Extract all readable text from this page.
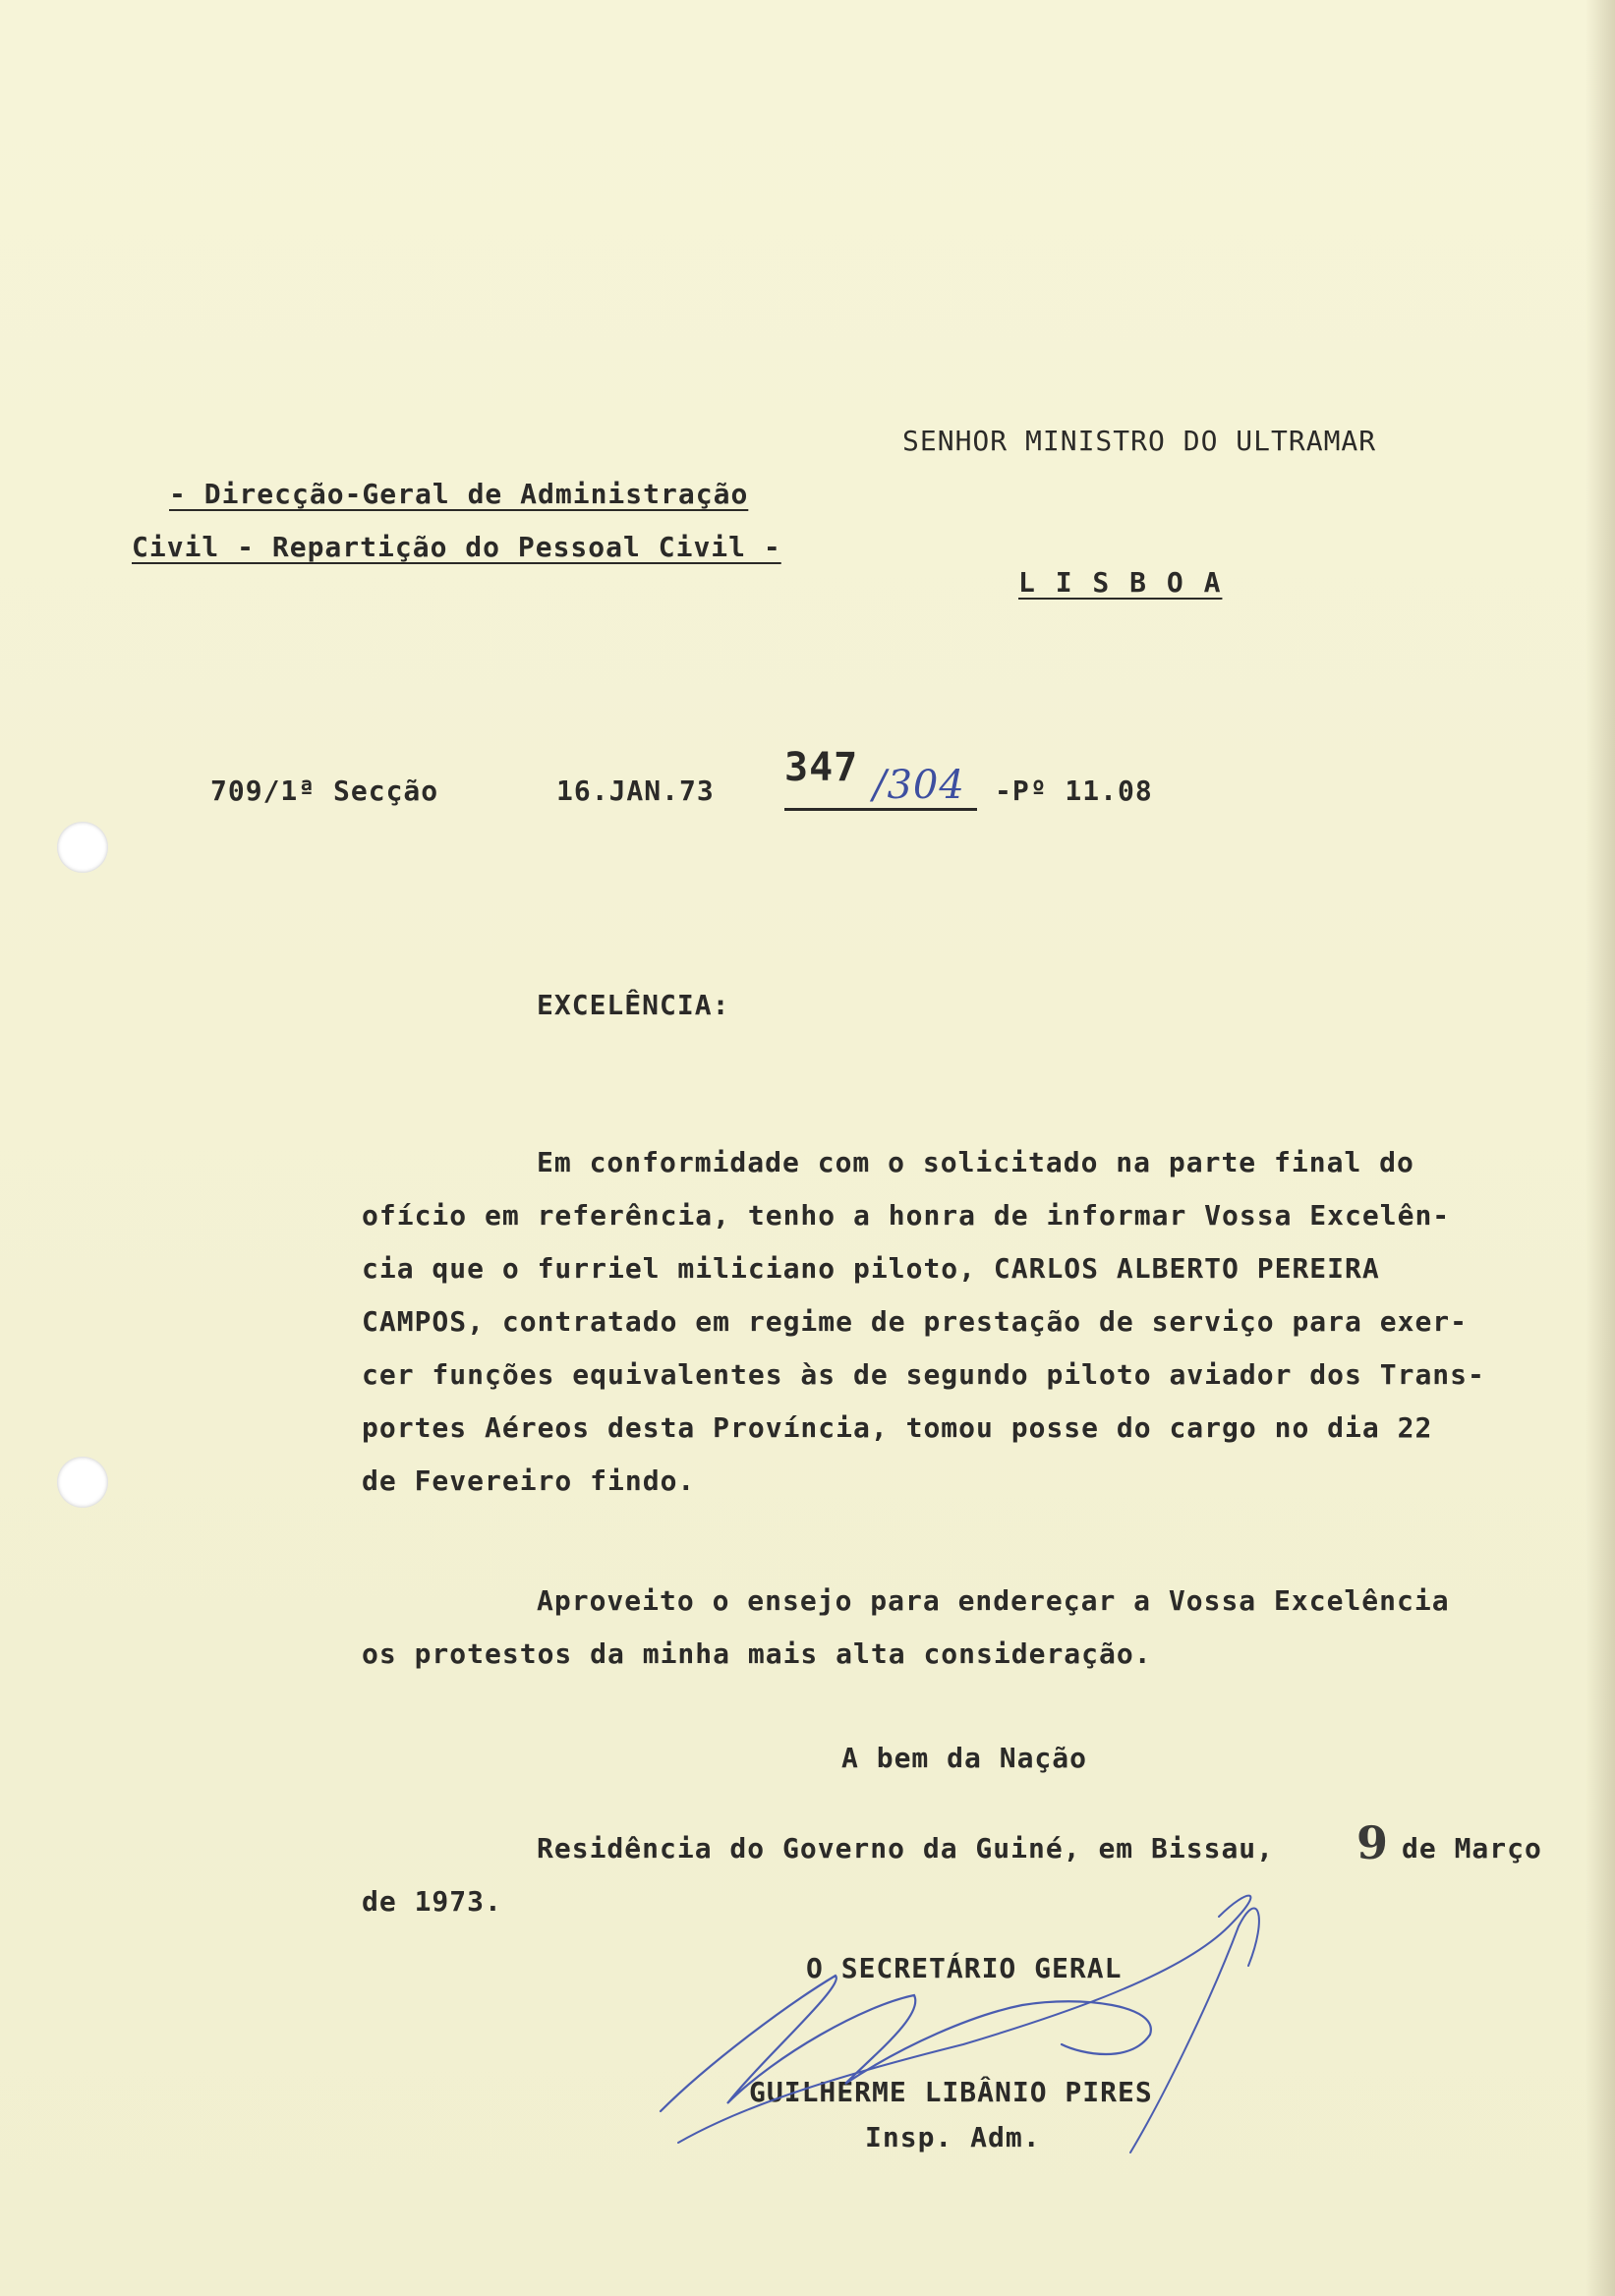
SENHOR MINISTRO DO ULTRAMAR
L I S B O A
- Direcção-Geral de Administração
Civil - Repartição do Pessoal Civil -
709/1ª Secção	16.JAN.73
347 /304 -Pº 11.08
EXCELÊNCIA:
Em conformidade com o solicitado na parte final do
ofício em referência, tenho a honra de informar Vossa Excelên-
cia que o furriel miliciano piloto, CARLOS ALBERTO PEREIRA
CAMPOS, contratado em regime de prestação de serviço para exer-
cer funções equivalentes às de segundo piloto aviador dos Trans-
portes Aéreos desta Província, tomou posse do cargo no dia 22
de Fevereiro findo.
Aproveito o ensejo para endereçar a Vossa Excelência
os protestos da minha mais alta consideração.
A bem da Nação
Residência do Governo da Guiné, em Bissau, 9 de Março
de 1973.
O SECRETÁRIO GERAL
GUILHERME LIBÂNIO PIRES
Insp. Adm.
